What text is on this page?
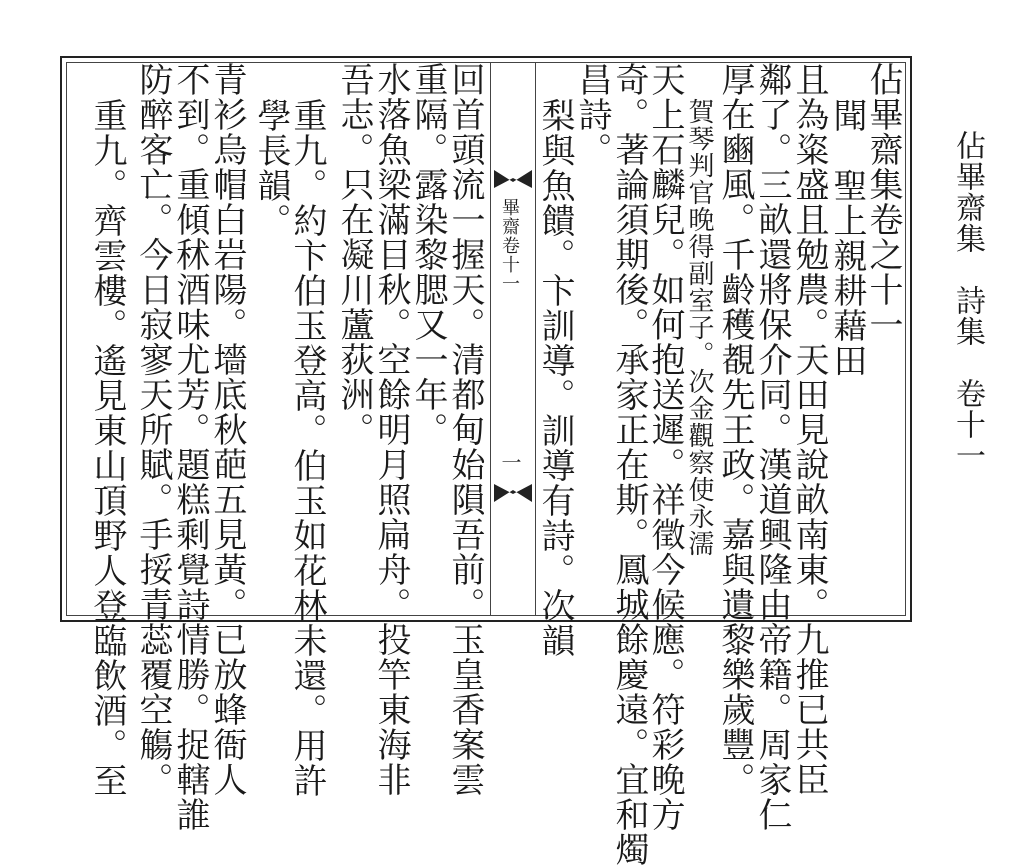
佔畢齋集　詩集　卷十一
畢齋卷十一
一
佔畢齋集卷之十一
聞　聖上親耕藉田
且為粢盛且勉農。天田見說畝南東。九推已共臣
鄰了。三畝還將保介同。漢道興隆由帝籍。周家仁
厚在豳風。千齡穫覩先王政。嘉與遺黎樂歲豐。
賀琴判官晚得副室子。次金觀察使永濡
天上石麟兒。如何抱送遲。祥徵今候應。符彩晚方
奇。著論須期後。承家正在斯。鳳城餘慶遠。宜和燭
昌詩。
梨與魚饋。卞訓導。訓導有詩。次韻
回首頭流一握天。清都甸始隕吾前。玉皇香案雲
重隔。露染黎腮又一年。
水落魚梁滿目秋。空餘明月照扁舟。投竿東海非
吾志。只在凝川蘆荻洲。
重九。約卞伯玉登高。伯玉如花林未還。用許
學長韻。
青衫烏帽白岩陽。墻底秋葩五見黃。已放蜂衙人
不到。重傾秫酒味尤芳。題糕剩覺詩情勝。捉轄誰
防醉客亡。今日寂寥天所賦。手挼青蕊覆空觴。
重九。齊雲樓。遙見東山頂野人登臨飲酒。至
